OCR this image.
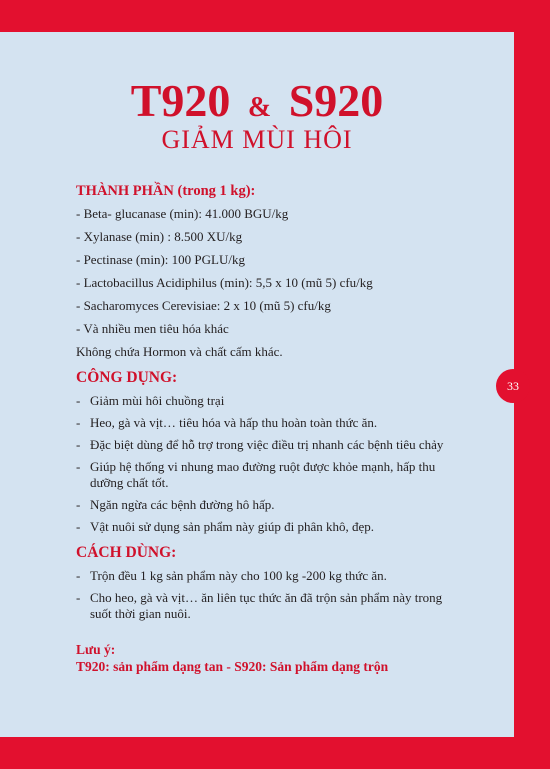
T920 & S920
GIẢM MÙI HÔI
THÀNH PHẦN (trong 1 kg):
- Beta- glucanase (min): 41.000 BGU/kg
- Xylanase (min) : 8.500 XU/kg
- Pectinase (min): 100 PGLU/kg
- Lactobacillus Acidiphilus (min): 5,5 x 10 (mũ 5) cfu/kg
- Sacharomyces Cerevisiae: 2 x 10 (mũ 5) cfu/kg
- Và nhiều men tiêu hóa khác
Không chứa Hormon và chất cấm khác.
CÔNG DỤNG:
- Giảm mùi hôi chuồng trại
- Heo, gà và vịt… tiêu hóa và hấp thu hoàn toàn thức ăn.
- Đặc biệt dùng để hỗ trợ trong việc điều trị nhanh các bệnh tiêu chảy
- Giúp hệ thống vi nhung mao đường ruột được khỏe mạnh, hấp thu dưỡng chất tốt.
- Ngăn ngừa các bệnh đường hô hấp.
- Vật nuôi sử dụng sản phẩm này giúp đi phân khô, đẹp.
CÁCH DÙNG:
- Trộn đều 1 kg sản phẩm này cho 100 kg -200 kg thức ăn.
- Cho heo, gà và vịt… ăn liên tục thức ăn đã trộn sản phẩm này trong suốt thời gian nuôi.
Lưu ý:
T920: sản phẩm dạng tan - S920: Sản phẩm dạng trộn
33
